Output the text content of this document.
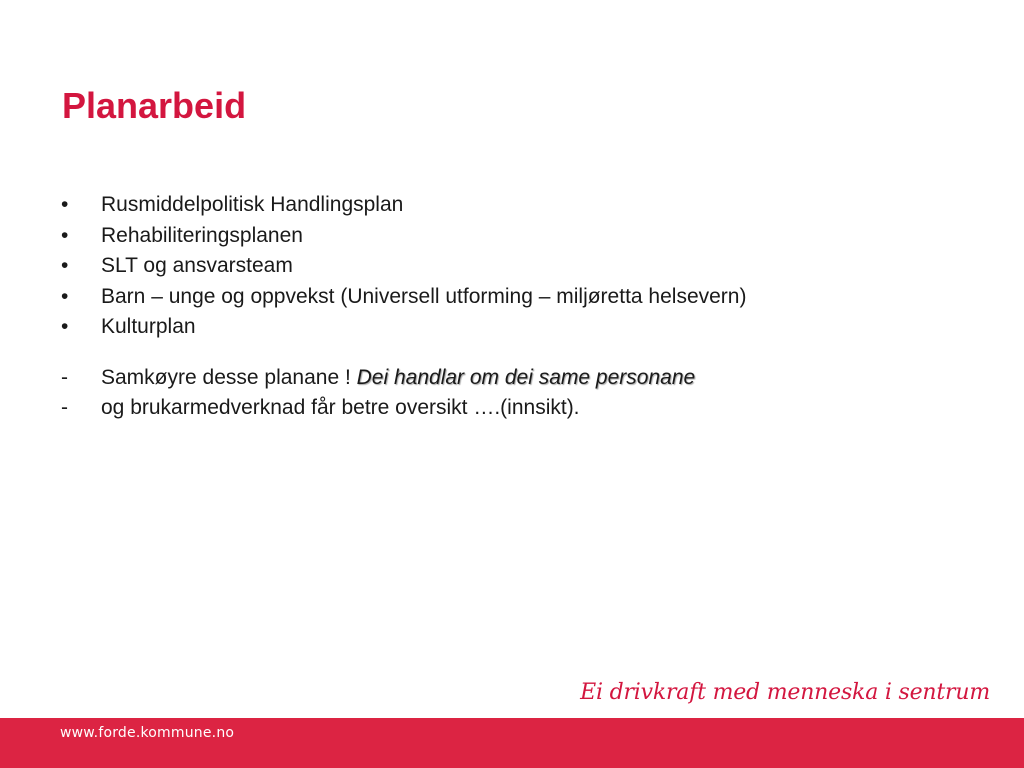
Planarbeid
•	Rusmiddelpolitisk Handlingsplan
•	Rehabiliteringsplanen
•	SLT og ansvarsteam
•	Barn – unge og oppvekst (Universell utforming – miljøretta helsevern)
•	Kulturplan
-	Samkøyre desse planane ! Dei handlar om dei same personane
-	og brukarmedverknad får betre oversikt ….(innsikt).
Ei drivkraft med menneska i sentrum
www.forde.kommune.no
